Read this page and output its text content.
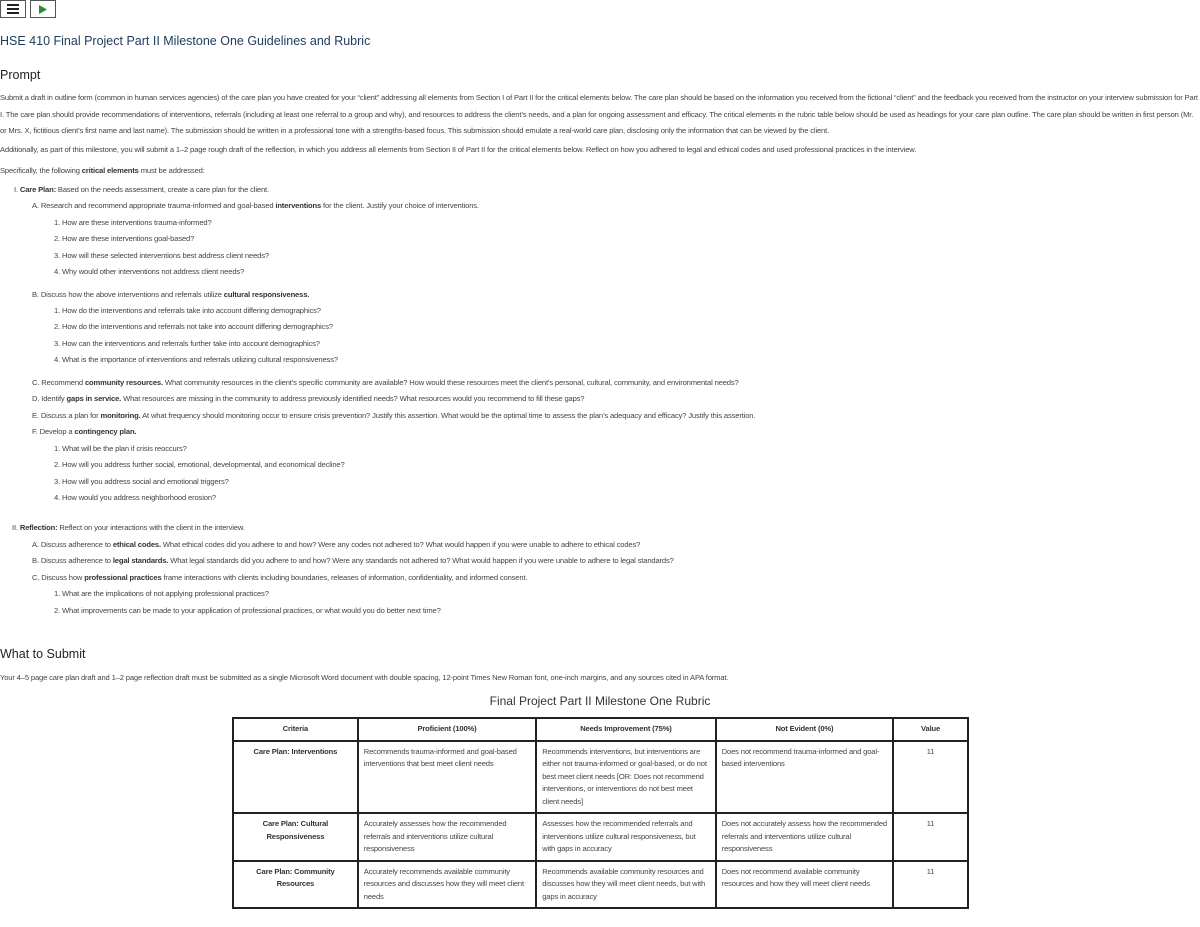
HSE 410 Final Project Part II Milestone One Guidelines and Rubric
Prompt

Submit a draft in outline form (common in human services agencies) of the care plan you have created for your “client” addressing all elements from Section I of Part II for the critical elements below. The care plan should be based on the information you received from the fictional “client” and the feedback you received from the instructor on your interview submission for Part I. The care plan should provide recommendations of interventions, referrals (including at least one referral to a group and why), and resources to address the client’s needs, and a plan for ongoing assessment and efficacy. The critical elements in the rubric table below should be used as headings for your care plan outline. The care plan should be written in first person (Mr. or Mrs. X, fictitious client’s first name and last name). The submission should be written in a professional tone with a strengths-based focus. This submission should emulate a real-world care plan, disclosing only the information that can be viewed by the client.

Additionally, as part of this milestone, you will submit a 1–2 page rough draft of the reflection, in which you address all elements from Section II of Part II for the critical elements below. Reflect on how you adhered to legal and ethical codes and used professional practices in the interview.

Specifically, the following critical elements must be addressed:

I. Care Plan: Based on the needs assessment, create a care plan for the client.

A. Research and recommend appropriate trauma-informed and goal-based interventions for the client. Justify your choice of interventions.

1. How are these interventions trauma-informed?

2. How are these interventions goal-based?

3. How will these selected interventions best address client needs?

4. Why would other interventions not address client needs?

B. Discuss how the above interventions and referrals utilize cultural responsiveness.

1. How do the interventions and referrals take into account differing demographics?

2. How do the interventions and referrals not take into account differing demographics?

3. How can the interventions and referrals further take into account demographics?

4. What is the importance of interventions and referrals utilizing cultural responsiveness?

C. Recommend community resources. What community resources in the client’s specific community are available? How would these resources meet the client’s personal, cultural, community, and environmental needs?

D. Identify gaps in service. What resources are missing in the community to address previously identified needs? What resources would you recommend to fill these gaps?

E. Discuss a plan for monitoring. At what frequency should monitoring occur to ensure crisis prevention? Justify this assertion. What would be the optimal time to assess the plan’s adequacy and efficacy? Justify this assertion.

F. Develop a contingency plan.

1. What will be the plan if crisis reoccurs?

2. How will you address further social, emotional, developmental, and economical decline?

3. How will you address social and emotional triggers?

4. How would you address neighborhood erosion?

II. Reflection: Reflect on your interactions with the client in the interview.

A. Discuss adherence to ethical codes. What ethical codes did you adhere to and how? Were any codes not adhered to? What would happen if you were unable to adhere to ethical codes?

B. Discuss adherence to legal standards. What legal standards did you adhere to and how? Were any standards not adhered to? What would happen if you were unable to adhere to legal standards?

C. Discuss how professional practices frame interactions with clients including boundaries, releases of information, confidentiality, and informed consent.

1. What are the implications of not applying professional practices?

2. What improvements can be made to your application of professional practices, or what would you do better next time?

What to Submit

Your 4–5 page care plan draft and 1–2 page reflection draft must be submitted as a single Microsoft Word document with double spacing, 12-point Times New Roman font, one-inch margins, and any sources cited in APA format.

Final Project Part II Milestone One Rubric
Criteria	Proficient (100%)	Needs Improvement (75%)	Not Evident (0%)	Value
Care Plan: Interventions	Recommends trauma-informed and goal-based interventions that best meet client needs	Recommends interventions, but interventions are either not trauma-informed or goal-based, or do not best meet client needs [OR: Does not recommend interventions, or interventions do not best meet client needs]	Does not recommend trauma-informed and goal-based interventions	11
Care Plan: Cultural Responsiveness	Accurately assesses how the recommended referrals and interventions utilize cultural responsiveness	Assesses how the recommended referrals and interventions utilize cultural responsiveness, but with gaps in accuracy	Does not accurately assess how the recommended referrals and interventions utilize cultural responsiveness	11
Care Plan: Community Resources	Accurately recommends available community resources and discusses how they will meet client needs	Recommends available community resources and discusses how they will meet client needs, but with gaps in accuracy	Does not recommend available community resources and how they will meet client needs	11
